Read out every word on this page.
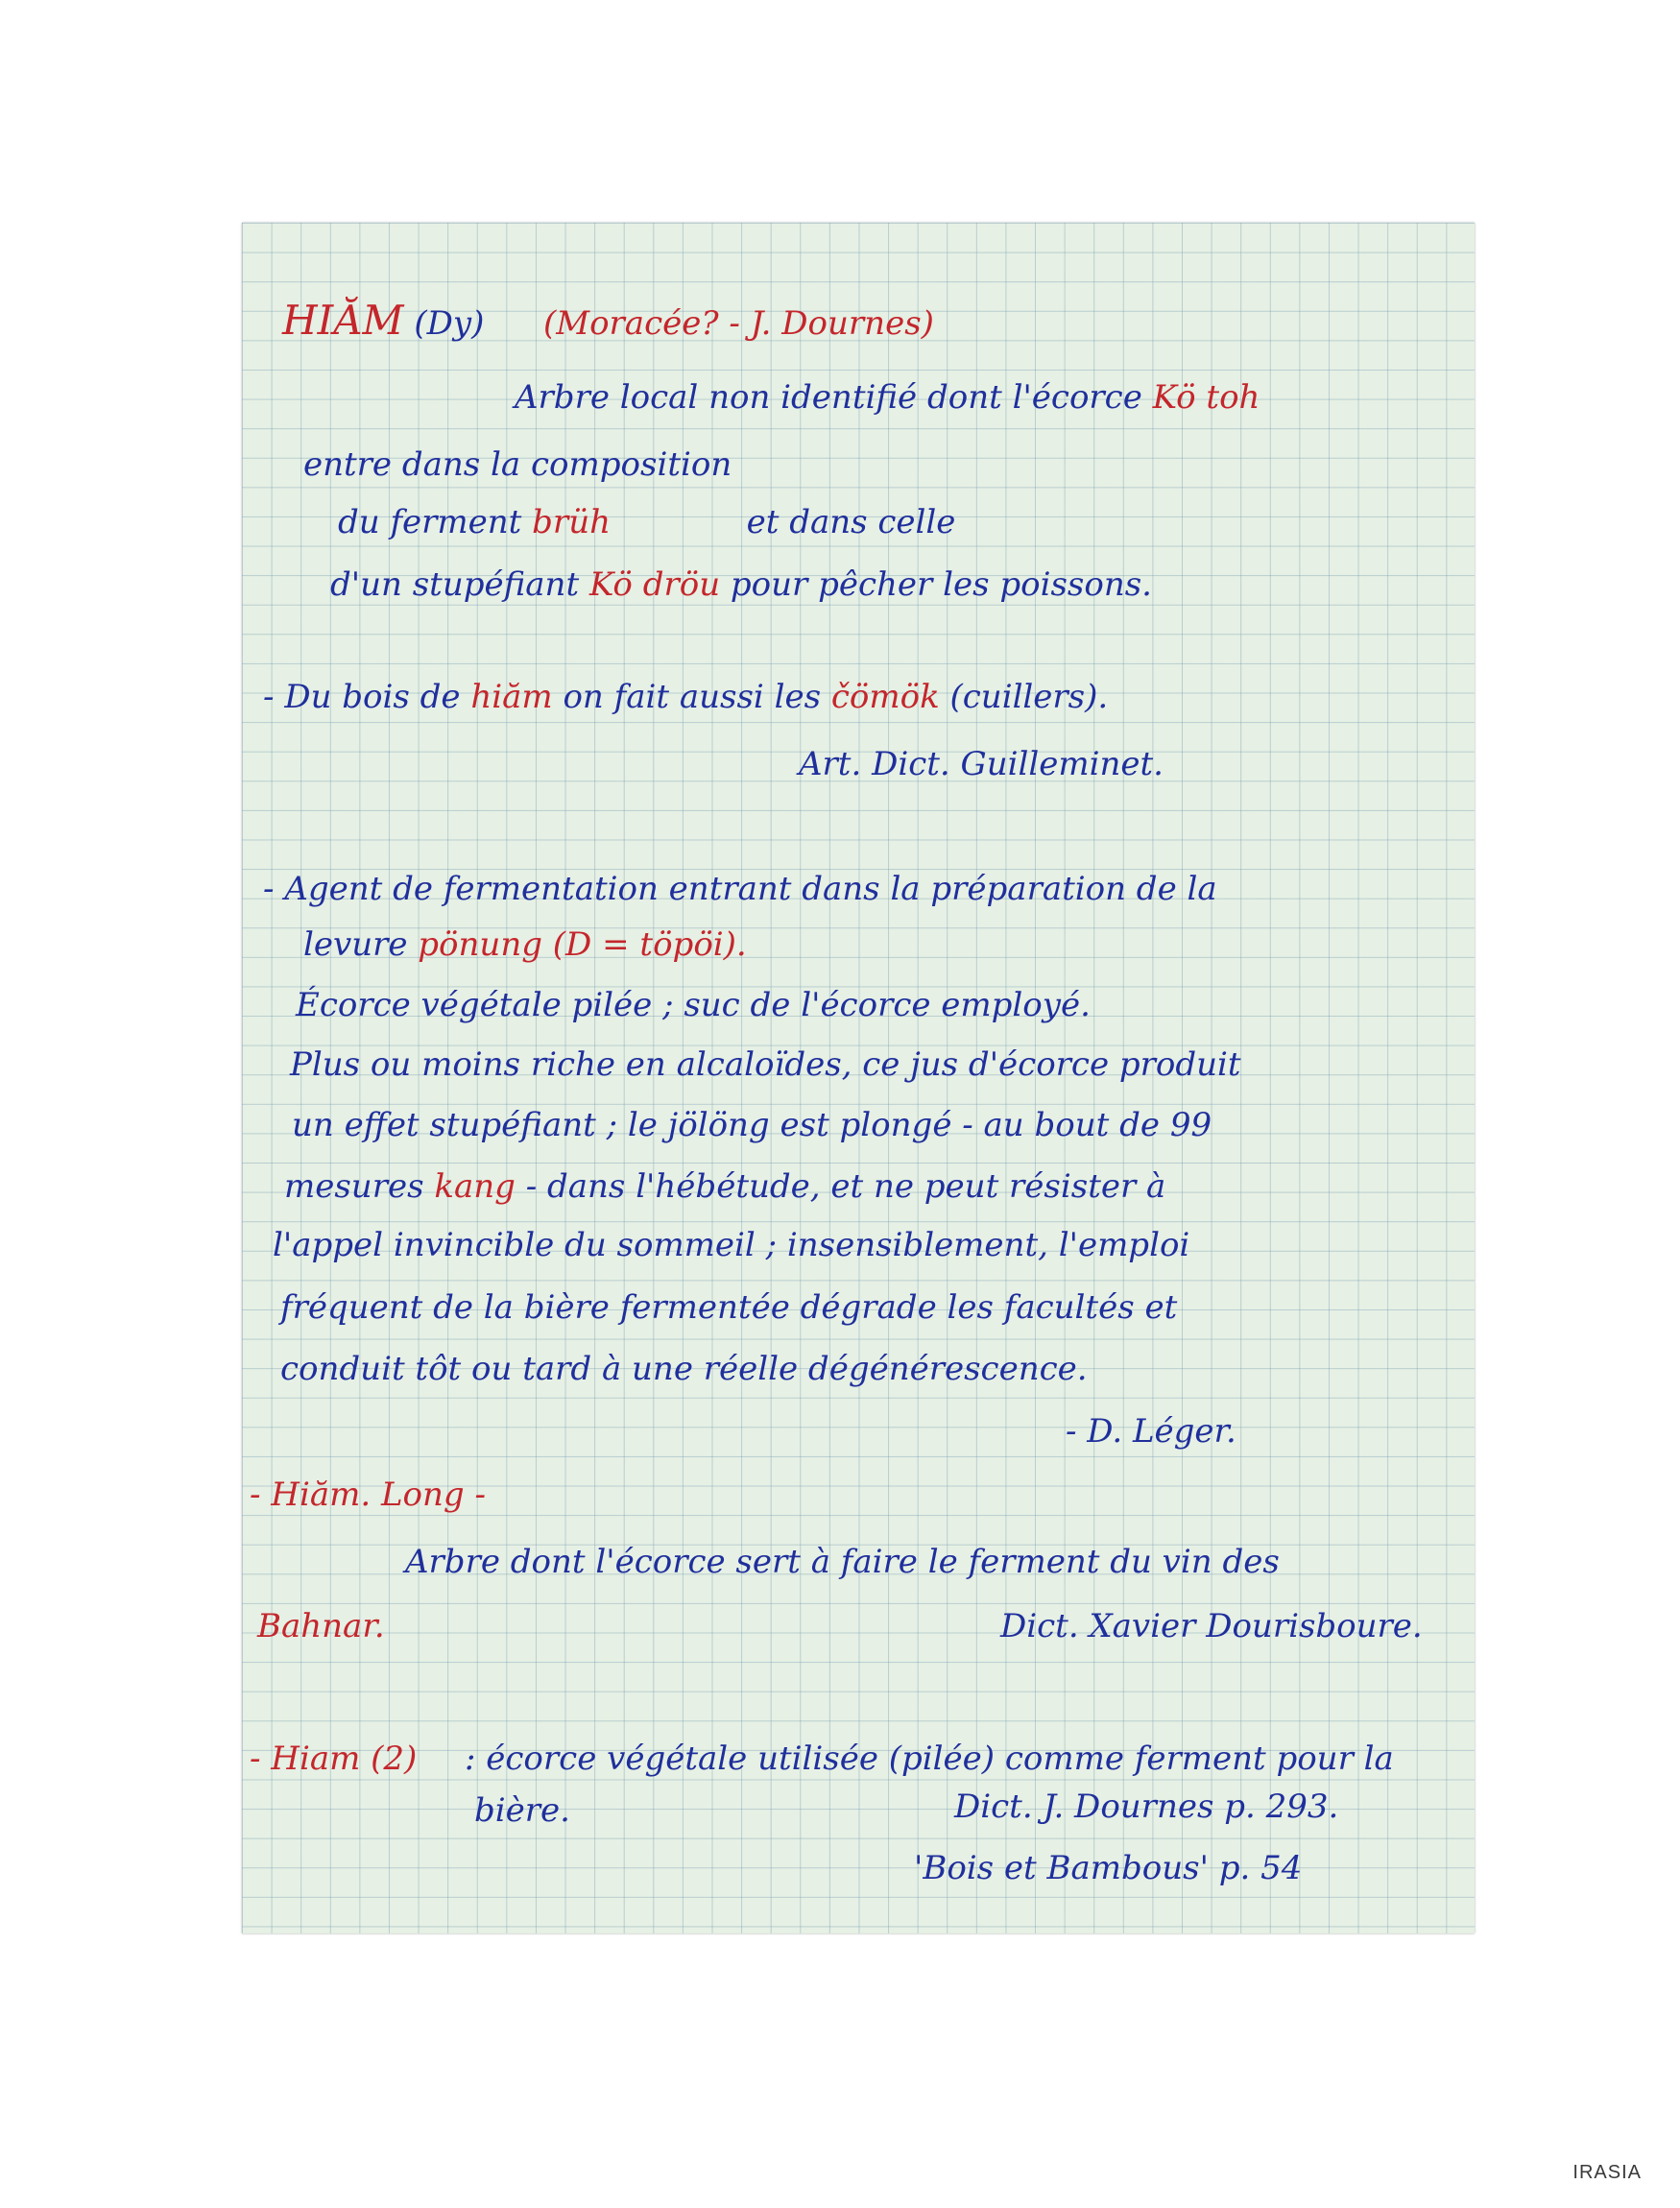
HIĂM (Dy) (Moracée? - J. Dournes)
Arbre local non identifié dont l'écorce Kö toh
entre dans la composition
du ferment brüh	et dans celle
d'un stupéfiant Kö dröu pour pêcher les poissons.
- Du bois de hiăm on fait aussi les čömök (cuillers).
Art. Dict. Guilleminet.
- Agent de fermentation entrant dans la préparation de la
levure pönung (D = töpöi).
Écorce végétale pilée ; suc de l'écorce employé.
Plus ou moins riche en alcaloïdes, ce jus d'écorce produit
un effet stupéfiant ; le jölöng est plongé - au bout de 99
mesures kang - dans l'hébétude, et ne peut résister à
l'appel invincible du sommeil ; insensiblement, l'emploi
fréquent de la bière fermentée dégrade les facultés et
conduit tôt ou tard à une réelle dégénérescence.
- D. Léger.
- Hiăm. Long -
Arbre dont l'écorce sert à faire le ferment du vin des
Bahnar.	Dict. Xavier Dourisboure.
- Hiam (2) : écorce végétale utilisée (pilée) comme ferment pour la
bière.	Dict. J. Dournes p. 293.
'Bois et Bambous' p. 54
IRASIA
